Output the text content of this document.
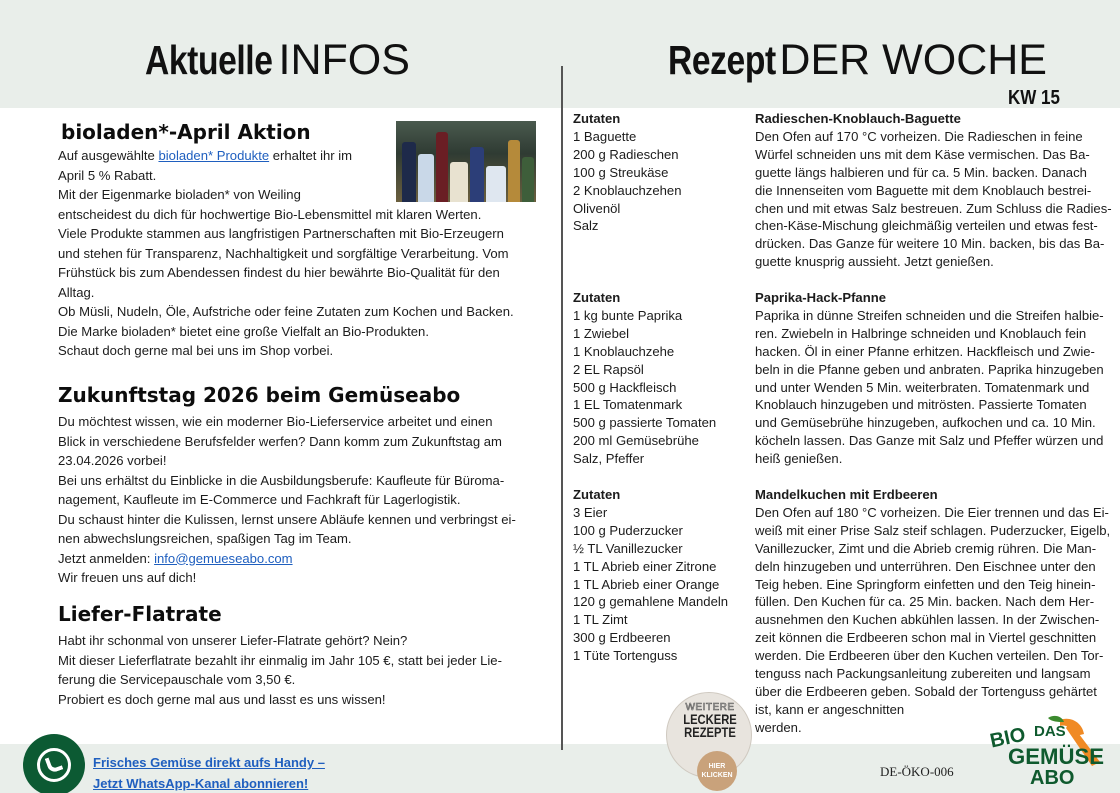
Aktuelle INFOS	RezeptDER WOCHE
KW 15
bioladen*-April Aktion

Auf ausgewählte bioladen* Produkte erhaltet ihr im

April 5 % Rabatt.

Mit der Eigenmarke bioladen* von Weiling

entscheidest du dich für hochwertige Bio-Lebensmittel mit klaren Werten.

Viele Produkte stammen aus langfristigen Partnerschaften mit Bio-Erzeugern

und stehen für Transparenz, Nachhaltigkeit und sorgfältige Verarbeitung. Vom

Frühstück bis zum Abendessen findest du hier bewährte Bio-Qualität für den

Alltag.

Ob Müsli, Nudeln, Öle, Aufstriche oder feine Zutaten zum Kochen und Backen.

Die Marke bioladen* bietet eine große Vielfalt an Bio-Produkten.

Schaut doch gerne mal bei uns im Shop vorbei.

Zukunftstag 2026 beim Gemüseabo

Du möchtest wissen, wie ein moderner Bio-Lieferservice arbeitet und einen

Blick in verschiedene Berufsfelder werfen? Dann komm zum Zukunftstag am

23.04.2026 vorbei!

Bei uns erhältst du Einblicke in die Ausbildungsberufe: Kaufleute für Büroma-

nagement, Kaufleute im E-Commerce und Fachkraft für Lagerlogistik.

Du schaust hinter die Kulissen, lernst unsere Abläufe kennen und verbringst ei-

nen abwechslungsreichen, spaßigen Tag im Team.

Jetzt anmelden: info@gemueseabo.com

Wir freuen uns auf dich!

Liefer-Flatrate

Habt ihr schonmal von unserer Liefer-Flatrate gehört? Nein?

Mit dieser Lieferflatrate bezahlt ihr einmalig im Jahr 105 €, statt bei jeder Lie-

ferung die Servicepauschale vom 3,50 €.

Probiert es doch gerne mal aus und lasst es uns wissen!

Zutaten

1 Baguette

200 g Radieschen

100 g Streukäse

2 Knoblauchzehen

Olivenöl

Salz

Radieschen-Knoblauch-Baguette

Den Ofen auf 170 °C vorheizen. Die Radieschen in feine

Würfel schneiden uns mit dem Käse vermischen. Das Ba-

guette längs halbieren und für ca. 5 Min. backen. Danach

die Innenseiten vom Baguette mit dem Knoblauch bestrei-

chen und mit etwas Salz bestreuen. Zum Schluss die Radies-

chen-Käse-Mischung gleichmäßig verteilen und etwas fest-

drücken. Das Ganze für weitere 10 Min. backen, bis das Ba-

guette knusprig aussieht. Jetzt genießen.

Zutaten

1 kg bunte Paprika

1 Zwiebel

1 Knoblauchzehe

2 EL Rapsöl

500 g Hackfleisch

1 EL Tomatenmark

500 g passierte Tomaten

200 ml Gemüsebrühe

Salz, Pfeffer

Paprika-Hack-Pfanne

Paprika in dünne Streifen schneiden und die Streifen halbie-

ren. Zwiebeln in Halbringe schneiden und Knoblauch fein

hacken. Öl in einer Pfanne erhitzen. Hackfleisch und Zwie-

beln in die Pfanne geben und anbraten. Paprika hinzugeben

und unter Wenden 5 Min. weiterbraten. Tomatenmark und

Knoblauch hinzugeben und mitrösten. Passierte Tomaten

und Gemüsebrühe hinzugeben, aufkochen und ca. 10 Min.

köcheln lassen. Das Ganze mit Salz und Pfeffer würzen und

heiß genießen.

Zutaten

3 Eier

100 g Puderzucker

½ TL Vanillezucker

1 TL Abrieb einer Zitrone

1 TL Abrieb einer Orange

120 g gemahlene Mandeln

1 TL Zimt

300 g Erdbeeren

1 Tüte Tortenguss

Mandelkuchen mit Erdbeeren

Den Ofen auf 180 °C vorheizen. Die Eier trennen und das Ei-

weiß mit einer Prise Salz steif schlagen. Puderzucker, Eigelb,

Vanillezucker, Zimt und die Abrieb cremig rühren. Die Man-

deln hinzugeben und unterrühren. Den Eischnee unter den

Teig heben. Eine Springform einfetten und den Teig hinein-

füllen. Den Kuchen für ca. 25 Min. backen. Nach dem Her-

ausnehmen den Kuchen abkühlen lassen. In der Zwischen-

zeit können die Erdbeeren schon mal in Viertel geschnitten

werden. Die Erdbeeren über den Kuchen verteilen. Den Tor-

tenguss nach Packungsanleitung zubereiten und langsam

über die Erdbeeren geben. Sobald der Tortenguss gehärtet

ist, kann er angeschnitten

werden.

Frisches Gemüse direkt aufs Handy –

Jetzt WhatsApp-Kanal abonnieren!

WEITERE

LECKERE

REZEPTE

HIER

KLICKEN	DE-ÖKO-006
BIO DAS
GEMÜSE
ABO
